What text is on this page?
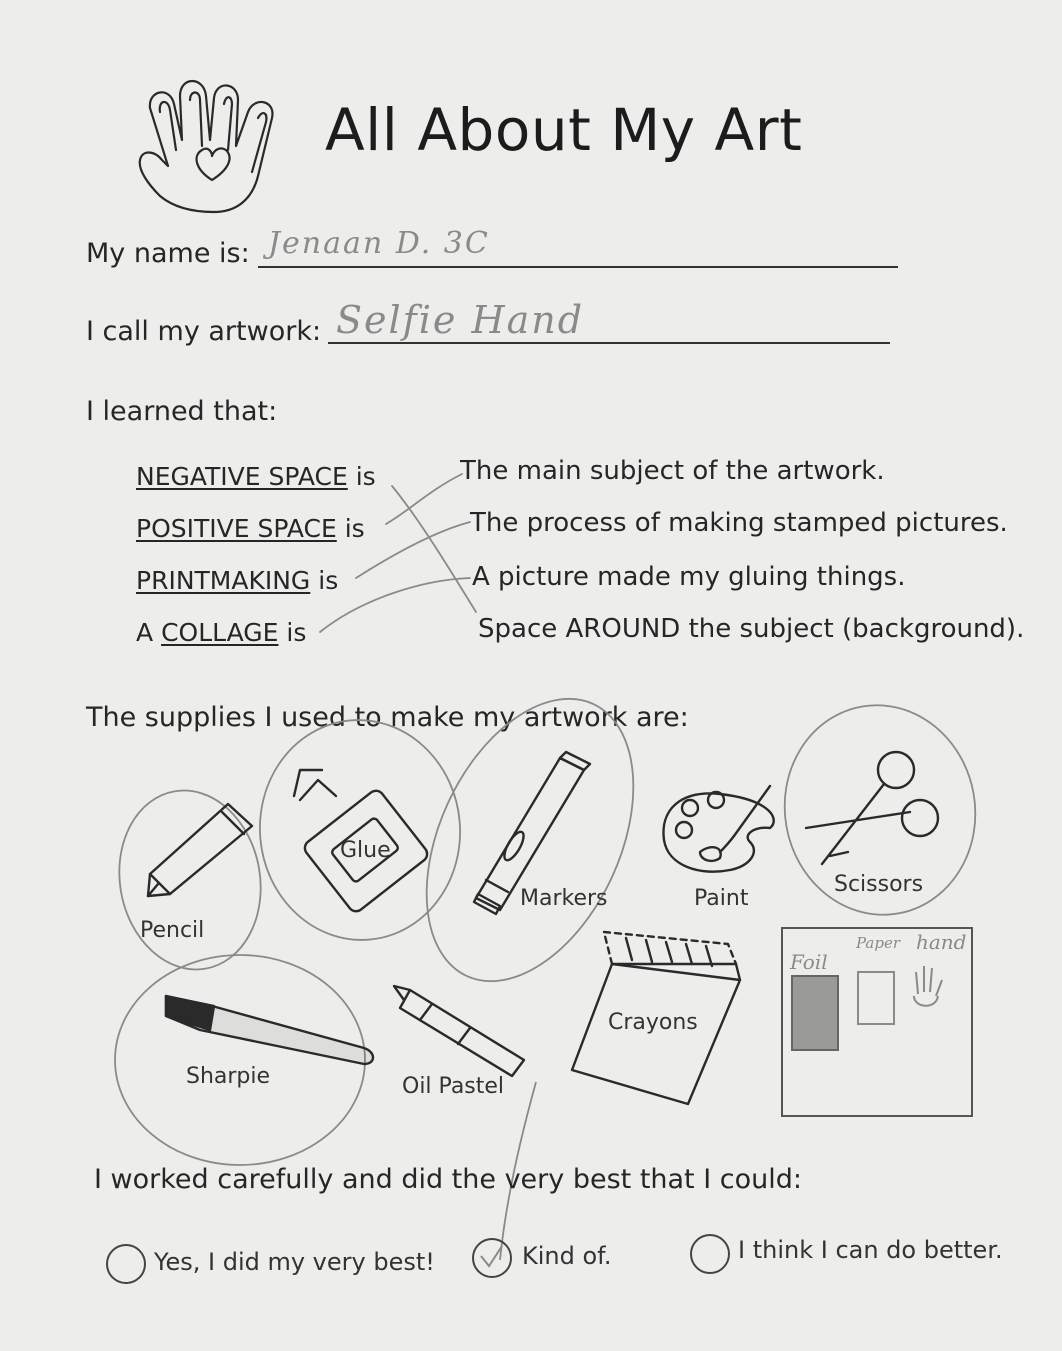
All About My Art
My name is: Jenaan D. 3C
I call my artwork: Selfie Hand
I learned that:
NEGATIVE SPACE is
POSITIVE SPACE is
PRINTMAKING is
A COLLAGE is
The main subject of the artwork.
The process of making stamped pictures.
A picture made my gluing things.
Space AROUND the subject (background).
The supplies I used to make my artwork are:
Pencil
Glue
Markers	Paint
Scissors
Sharpie	Oil Pastel
Crayons
Foil
Paper hand
I worked carefully and did the very best that I could:
Yes, I did my very best!	Kind of.	I think I can do better.
